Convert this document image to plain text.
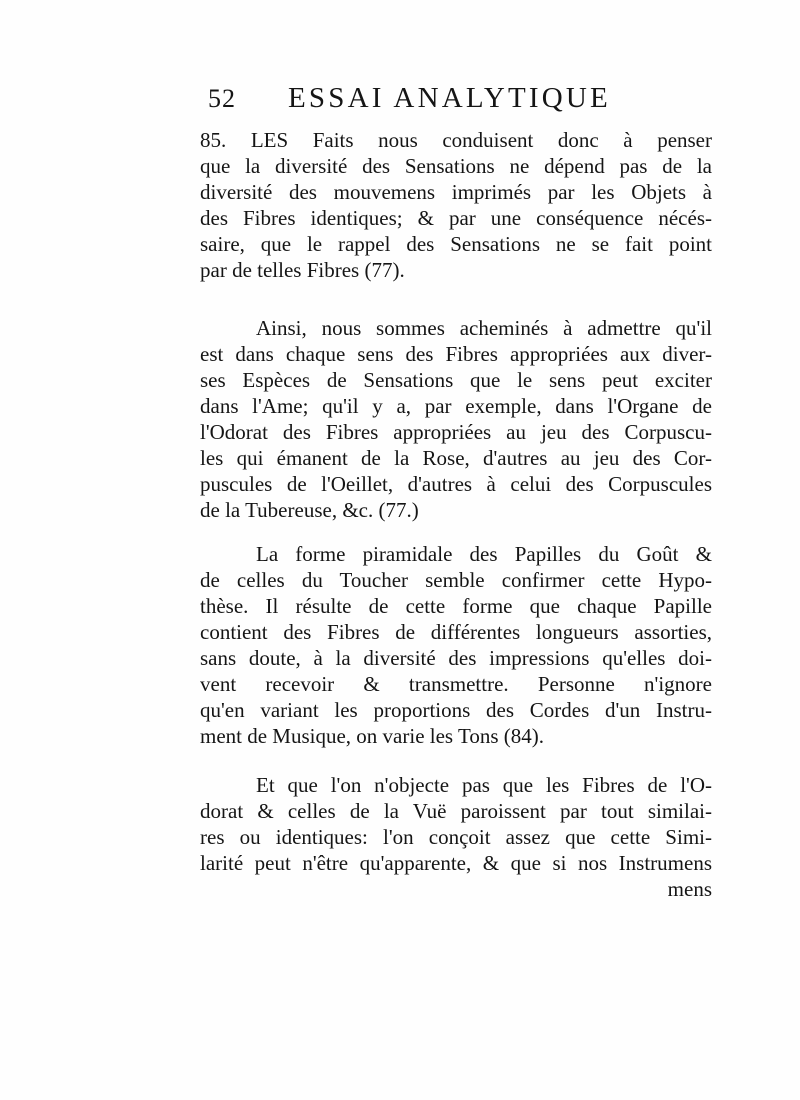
52 ESSAI ANALYTIQUE
85. LES Faits nous conduisent donc à penser
que la diversité des Sensations ne dépend pas de la
diversité des mouvemens imprimés par les Objets à
des Fibres identiques; & par une conséquence nécés-
saire, que le rappel des Sensations ne se fait point
par de telles Fibres (77).
Ainsi, nous sommes acheminés à admettre qu'il
est dans chaque sens des Fibres appropriées aux diver-
ses Espèces de Sensations que le sens peut exciter
dans l'Ame; qu'il y a, par exemple, dans l'Organe de
l'Odorat des Fibres appropriées au jeu des Corpuscu-
les qui émanent de la Rose, d'autres au jeu des Cor-
puscules de l'Oeillet, d'autres à celui des Corpuscules
de la Tubereuse, &c. (77.)
La forme piramidale des Papilles du Goût &
de celles du Toucher semble confirmer cette Hypo-
thèse. Il résulte de cette forme que chaque Papille
contient des Fibres de différentes longueurs assorties,
sans doute, à la diversité des impressions qu'elles doi-
vent recevoir & transmettre. Personne n'ignore
qu'en variant les proportions des Cordes d'un Instru-
ment de Musique, on varie les Tons (84).
Et que l'on n'objecte pas que les Fibres de l'O-
dorat & celles de la Vuë paroissent par tout similai-
res ou identiques: l'on conçoit assez que cette Simi-
larité peut n'être qu'apparente, & que si nos Instrumens
mens
